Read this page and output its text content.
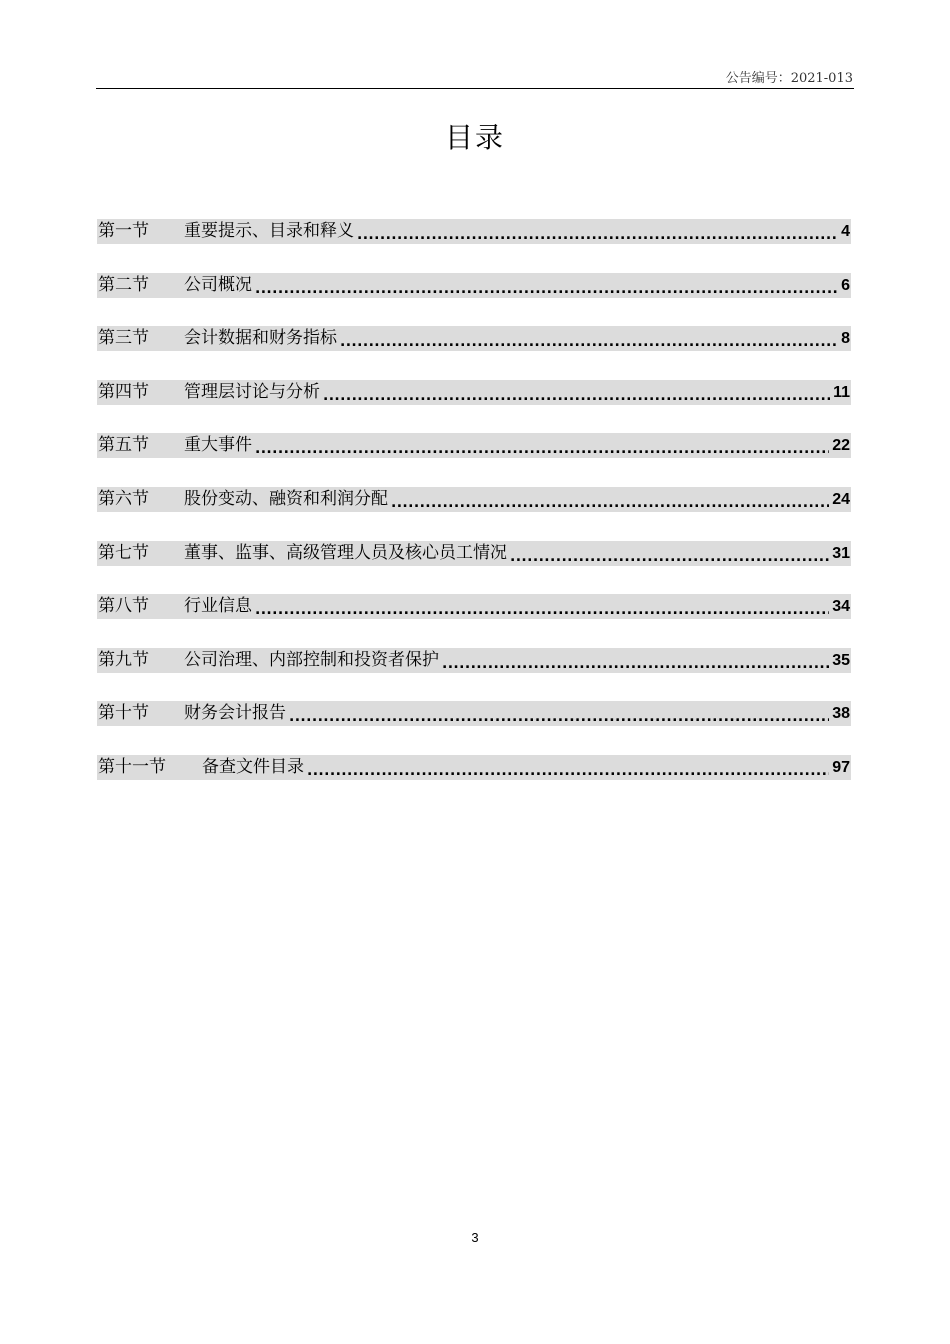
公告编号：2021-013
目录
第一节	重要提示、目录和释义 .....	4
第二节	公司概况 .....	6
第三节	会计数据和财务指标 .....	8
第四节	管理层讨论与分析 .....	11
第五节	重大事件 .....	22
第六节	股份变动、融资和利润分配 .....	24
第七节	董事、监事、高级管理人员及核心员工情况 .....	31
第八节	行业信息 .....	34
第九节	公司治理、内部控制和投资者保护 .....	35
第十节	财务会计报告 .....	38
第十一节	备查文件目录 .....	97
3
